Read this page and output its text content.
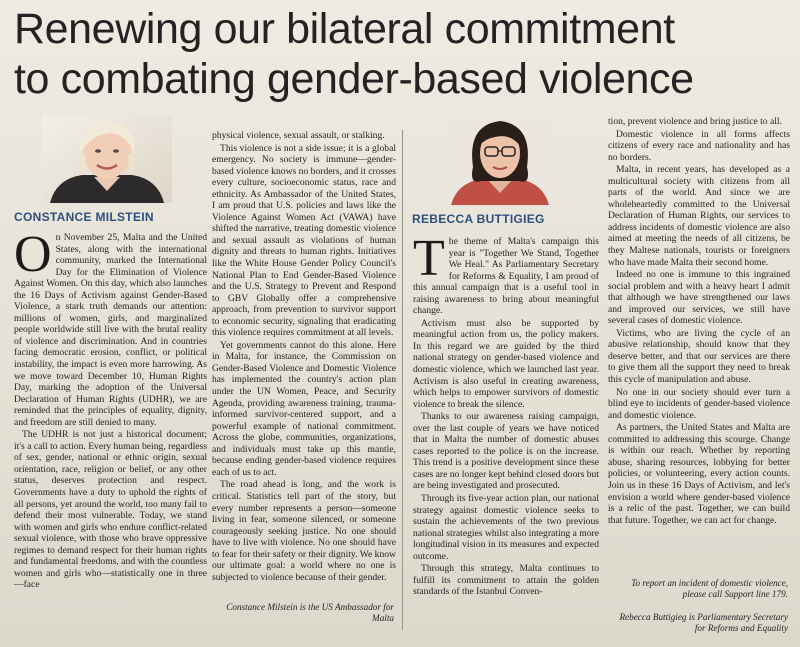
Renewing our bilateral commitment
to combating gender-based violence
CONSTANCE MILSTEIN

On November 25, Malta and the United States, along with the international community, marked the International Day for the Elimination of Violence Against Women. On this day, which also launches the 16 Days of Activism against Gender-Based Violence, a stark truth demands our attention: millions of women, girls, and marginalized people worldwide still live with the brutal reality of violence and discrimination. And in countries facing democratic erosion, conflict, or political instability, the impact is even more harrowing. As we move toward December 10, Human Rights Day, marking the adoption of the Universal Declaration of Human Rights (UDHR), we are reminded that the principles of equality, dignity, and freedom are still denied to many.

The UDHR is not just a historical document; it's a call to action. Every human being, regardless of sex, gender, national or ethnic origin, sexual orientation, race, religion or belief, or any other status, deserves protection and respect. Governments have a duty to uphold the rights of all persons, yet around the world, too many fail to defend their most vulnerable. Today, we stand with women and girls who endure conflict-related sexual violence, with those who brave oppressive regimes to demand respect for their human rights and fundamental freedoms, and with the countless women and girls who—statistically one in three—face

physical violence, sexual assault, or stalking.

This violence is not a side issue; it is a global emergency. No society is immune—gender-based violence knows no borders, and it crosses every culture, socioeconomic status, race and ethnicity. As Ambassador of the United States, I am proud that U.S. policies and laws like the Violence Against Women Act (VAWA) have shifted the narrative, treating domestic violence and sexual assault as violations of human dignity and threats to human rights. Initiatives like the White House Gender Policy Council's National Plan to End Gender-Based Violence and the U.S. Strategy to Prevent and Respond to GBV Globally offer a comprehensive approach, from prevention to survivor support to economic security, signaling that eradicating this violence requires commitment at all levels.

Yet governments cannot do this alone. Here in Malta, for instance, the Commission on Gender-Based Violence and Domestic Violence has implemented the country's action plan under the UN Women, Peace, and Security Agenda, providing awareness training, trauma-informed survivor-centered support, and a powerful example of national commitment. Across the globe, communities, organizations, and individuals must take up this mantle, because ending gender-based violence requires each of us to act.

The road ahead is long, and the work is critical. Statistics tell part of the story, but every number represents a person—someone living in fear, someone silenced, or someone courageously seeking justice. No one should have to live with violence. No one should have to fear for their safety or their dignity. We know our ultimate goal: a world where no one is subjected to violence because of their gender.

Constance Milstein is the US Ambassador for Malta
REBECCA BUTTIGIEG

The theme of Malta's campaign this year is "Together We Stand, Together We Heal." As Parliamentary Secretary for Reforms & Equality, I am proud of this annual campaign that is a useful tool in raising awareness to bring about meaningful change.

Activism must also be supported by meaningful action from us, the policy makers. In this regard we are guided by the third national strategy on gender-based violence and domestic violence, which we launched last year. Activism is also useful in creating awareness, which helps to empower survivors of domestic violence to break the silence.

Thanks to our awareness raising campaign, over the last couple of years we have noticed that in Malta the number of domestic abuses cases reported to the police is on the increase. This trend is a positive development since these cases are no longer kept behind closed doors but are being investigated and prosecuted.

Through its five-year action plan, our national strategy against domestic violence seeks to sustain the achievements of the two previous national strategies whilst also integrating a more longitudinal vision in its measures and expected outcome.

Through this strategy, Malta continues to fulfill its commitment to attain the golden standards of the Istanbul Conven-

tion, prevent violence and bring justice to all.

Domestic violence in all forms affects citizens of every race and nationality and has no borders.

Malta, in recent years, has developed as a multicultural society with citizens from all parts of the world. And since we are wholeheartedly committed to the Universal Declaration of Human Rights, our services to address incidents of domestic violence are also aimed at meeting the needs of all citizens, be they Maltese nationals, tourists or foreigners who have made Malta their second home.

Indeed no one is immune to this ingrained social problem and with a heavy heart I admit that although we have strengthened our laws and improved our services, we still have several cases of domestic violence.

Victims, who are living the cycle of an abusive relationship, should know that they deserve better, and that our services are there to give them all the support they need to break this cycle of manipulation and abuse.

No one in our society should ever turn a blind eye to incidents of gender-based violence and domestic violence.

As partners, the United States and Malta are committed to addressing this scourge. Change is within our reach. Whether by reporting abuse, sharing resources, lobbying for better policies, or volunteering, every action counts. Join us in these 16 Days of Activism, and let's envision a world where gender-based violence is a relic of the past. Together, we can build that future. Together, we can act for change.

To report an incident of domestic violence, please call Support line 179.
Rebecca Buttigieg is Parliamentary Secretary for Reforms and Equality
